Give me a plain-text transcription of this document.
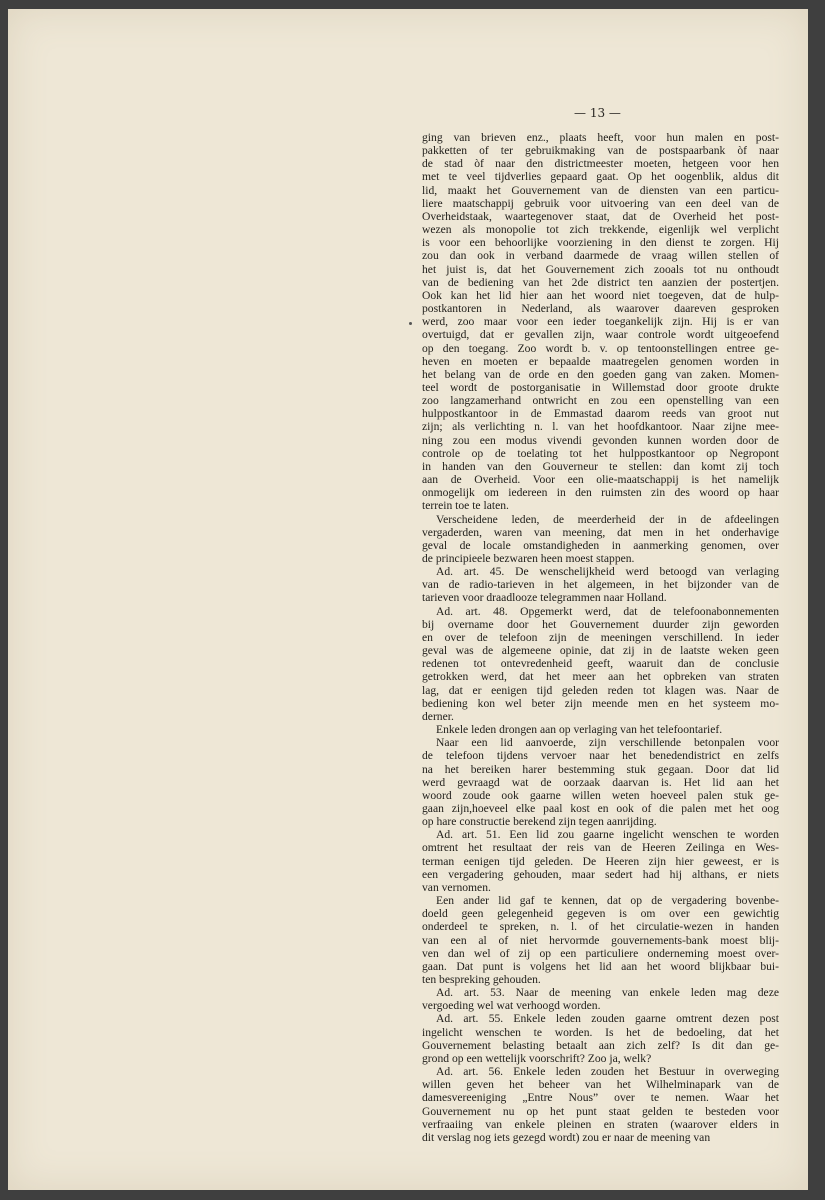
— 13 —
ging van brieven enz., plaats heeft, voor hun malen en post-
pakketten of ter gebruikmaking van de postspaarbank òf naar
de stad òf naar den districtmeester moeten, hetgeen voor hen
met te veel tijdverlies gepaard gaat. Op het oogenblik, aldus dit
lid, maakt het Gouvernement van de diensten van een particu-
liere maatschappij gebruik voor uitvoering van een deel van de
Overheidstaak, waartegenover staat, dat de Overheid het post-
wezen als monopolie tot zich trekkende, eigenlijk wel verplicht
is voor een behoorlijke voorziening in den dienst te zorgen. Hij
zou dan ook in verband daarmede de vraag willen stellen of
het juist is, dat het Gouvernement zich zooals tot nu onthoudt
van de bediening van het 2de district ten aanzien der postertjen.
Ook kan het lid hier aan het woord niet toegeven, dat de hulp-
postkantoren in Nederland, als waarover daareven gesproken
werd, zoo maar voor een ieder toegankelijk zijn. Hij is er van
overtuigd, dat er gevallen zijn, waar controle wordt uitgeoefend
op den toegang. Zoo wordt b. v. op tentoonstellingen entree ge-
heven en moeten er bepaalde maatregelen genomen worden in
het belang van de orde en den goeden gang van zaken. Momen-
teel wordt de postorganisatie in Willemstad door groote drukte
zoo langzamerhand ontwricht en zou een openstelling van een
hulppostkantoor in de Emmastad daarom reeds van groot nut
zijn; als verlichting n. l. van het hoofdkantoor. Naar zijne mee-
ning zou een modus vivendi gevonden kunnen worden door de
controle op de toelating tot het hulppostkantoor op Negropont
in handen van den Gouverneur te stellen: dan komt zij toch
aan de Overheid. Voor een olie-maatschappij is het namelijk
onmogelijk om iedereen in den ruimsten zin des woord op haar
terrein toe te laten.
Verscheidene leden, de meerderheid der in de afdeelingen
vergaderden, waren van meening, dat men in het onderhavige
geval de locale omstandigheden in aanmerking genomen, over
de principieele bezwaren heen moest stappen.
Ad. art. 45. De wenschelijkheid werd betoogd van verlaging
van de radio-tarieven in het algemeen, in het bijzonder van de
tarieven voor draadlooze telegrammen naar Holland.
Ad. art. 48. Opgemerkt werd, dat de telefoonabonnementen
bij overname door het Gouvernement duurder zijn geworden
en over de telefoon zijn de meeningen verschillend. In ieder
geval was de algemeene opinie, dat zij in de laatste weken geen
redenen tot ontevredenheid geeft, waaruit dan de conclusie
getrokken werd, dat het meer aan het opbreken van straten
lag, dat er eenigen tijd geleden reden tot klagen was. Naar de
bediening kon wel beter zijn meende men en het systeem mo-
derner.
Enkele leden drongen aan op verlaging van het telefoontarief.
Naar een lid aanvoerde, zijn verschillende betonpalen voor
de telefoon tijdens vervoer naar het benedendistrict en zelfs
na het bereiken harer bestemming stuk gegaan. Door dat lid
werd gevraagd wat de oorzaak daarvan is. Het lid aan het
woord zoude ook gaarne willen weten hoeveel palen stuk ge-
gaan zijn,hoeveel elke paal kost en ook of die palen met het oog
op hare constructie berekend zijn tegen aanrijding.
Ad. art. 51. Een lid zou gaarne ingelicht wenschen te worden
omtrent het resultaat der reis van de Heeren Zeilinga en Wes-
terman eenigen tijd geleden. De Heeren zijn hier geweest, er is
een vergadering gehouden, maar sedert had hij althans, er niets
van vernomen.
Een ander lid gaf te kennen, dat op de vergadering bovenbe-
doeld geen gelegenheid gegeven is om over een gewichtig
onderdeel te spreken, n. l. of het circulatie-wezen in handen
van een al of niet hervormde gouvernements-bank moest blij-
ven dan wel of zij op een particuliere onderneming moest over-
gaan. Dat punt is volgens het lid aan het woord blijkbaar bui-
ten bespreking gehouden.
Ad. art. 53. Naar de meening van enkele leden mag deze
vergoeding wel wat verhoogd worden.
Ad. art. 55. Enkele leden zouden gaarne omtrent dezen post
ingelicht wenschen te worden. Is het de bedoeling, dat het
Gouvernement belasting betaalt aan zich zelf? Is dit dan ge-
grond op een wettelijk voorschrift? Zoo ja, welk?
Ad. art. 56. Enkele leden zouden het Bestuur in overweging
willen geven het beheer van het Wilhelminapark van de
damesvereeniging „Entre Nous” over te nemen. Waar het
Gouvernement nu op het punt staat gelden te besteden voor
verfraaiing van enkele pleinen en straten (waarover elders in
dit verslag nog iets gezegd wordt) zou er naar de meening van
